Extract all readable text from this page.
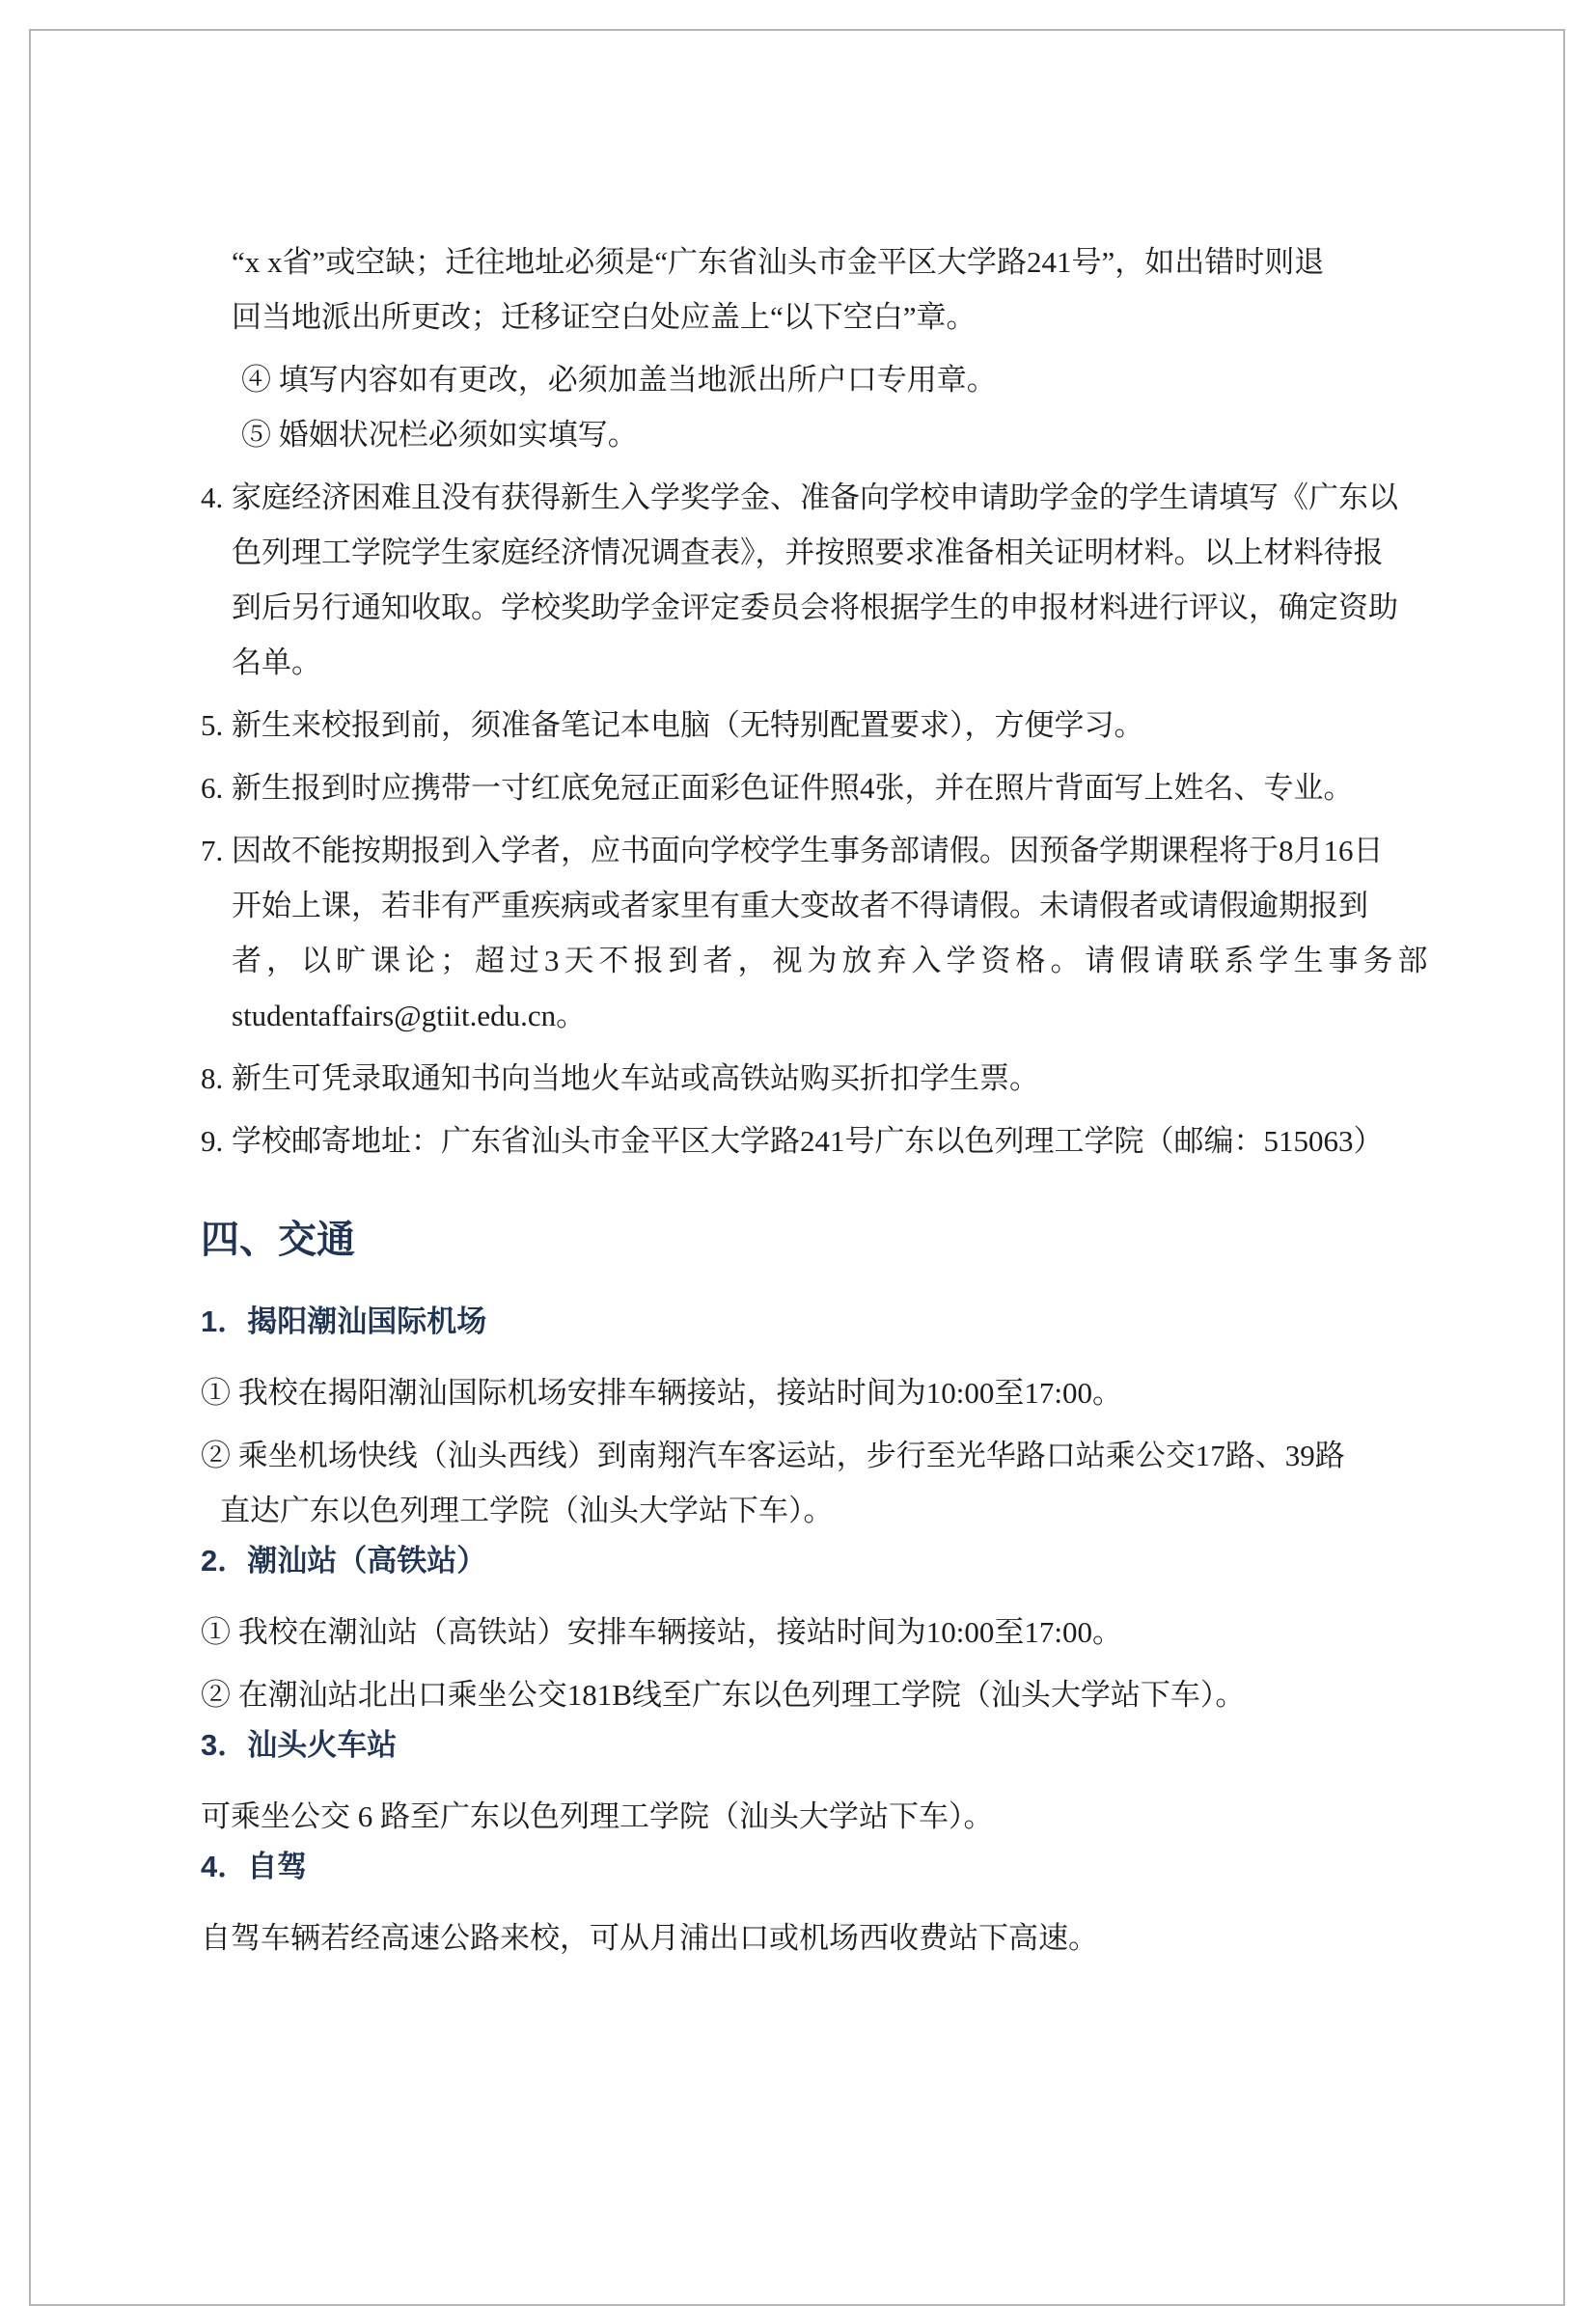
“x x省”或空缺；迁往地址必须是“广东省汕头市金平区大学路241号”，如出错时则退
回当地派出所更改；迁移证空白处应盖上“以下空白”章。
④ 填写内容如有更改，必须加盖当地派出所户口专用章。
⑤ 婚姻状况栏必须如实填写。
4. 家庭经济困难且没有获得新生入学奖学金、准备向学校申请助学金的学生请填写《广东以
色列理工学院学生家庭经济情况调查表》，并按照要求准备相关证明材料。以上材料待报
到后另行通知收取。学校奖助学金评定委员会将根据学生的申报材料进行评议，确定资助
名单。
5. 新生来校报到前，须准备笔记本电脑（无特别配置要求），方便学习。
6. 新生报到时应携带一寸红底免冠正面彩色证件照4张，并在照片背面写上姓名、专业。
7. 因故不能按期报到入学者，应书面向学校学生事务部请假。因预备学期课程将于8月16日
开始上课，若非有严重疾病或者家里有重大变故者不得请假。未请假者或请假逾期报到
者，以旷课论；超过3天不报到者，视为放弃入学资格。请假请联系学生事务部
studentaffairs@gtiit.edu.cn。
8. 新生可凭录取通知书向当地火车站或高铁站购买折扣学生票。
9. 学校邮寄地址：广东省汕头市金平区大学路241号广东以色列理工学院（邮编：515063）
四、交通
1．揭阳潮汕国际机场
① 我校在揭阳潮汕国际机场安排车辆接站，接站时间为10:00至17:00。
② 乘坐机场快线（汕头西线）到南翔汽车客运站，步行至光华路口站乘公交17路、39路
直达广东以色列理工学院（汕头大学站下车）。
2．潮汕站（高铁站）
① 我校在潮汕站（高铁站）安排车辆接站，接站时间为10:00至17:00。
② 在潮汕站北出口乘坐公交181B线至广东以色列理工学院（汕头大学站下车）。
3．汕头火车站
可乘坐公交 6 路至广东以色列理工学院（汕头大学站下车）。
4．自驾
自驾车辆若经高速公路来校，可从月浦出口或机场西收费站下高速。
